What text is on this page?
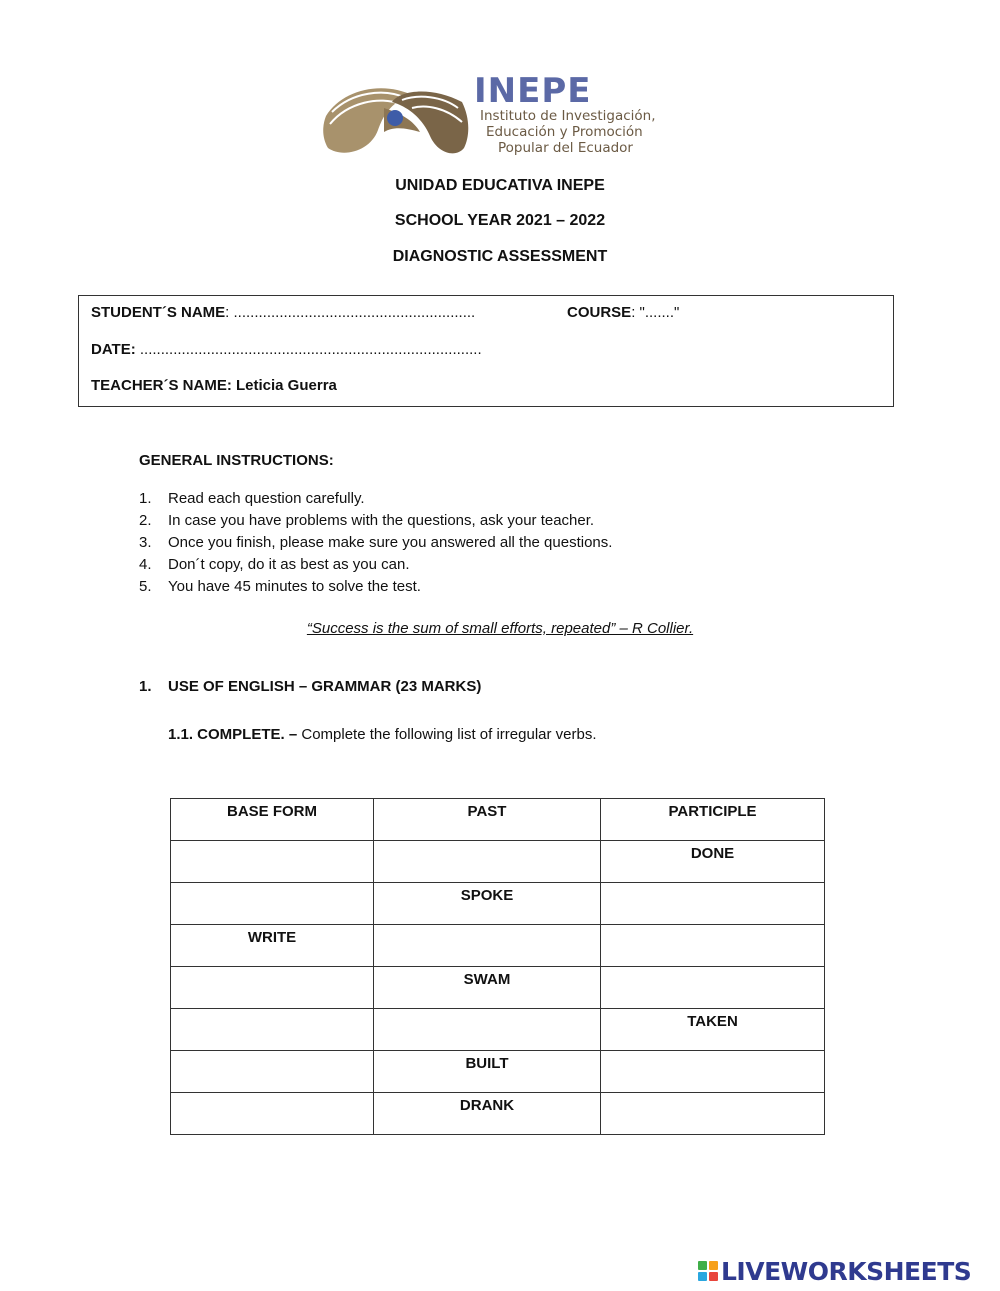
INEPE
Instituto de Investigación,
Educación y Promoción
Popular del Ecuador
UNIDAD EDUCATIVA INEPE
SCHOOL YEAR 2021 – 2022
DIAGNOSTIC ASSESSMENT
STUDENT´S NAME: ..........................................................	COURSE: "......."
DATE: ..................................................................................
TEACHER´S NAME: Leticia Guerra
GENERAL INSTRUCTIONS:
1.	Read each question carefully.
2.	In case you have problems with the questions, ask your teacher.
3.	Once you finish, please make sure you answered all the questions.
4.	Don´t copy, do it as best as you can.
5.	You have 45 minutes to solve the test.
“Success is the sum of small efforts, repeated” – R Collier.
1. USE OF ENGLISH – GRAMMAR (23 MARKS)
1.1. COMPLETE. – Complete the following list of irregular verbs.
BASE FORM	PAST	PARTICIPLE
		DONE
	SPOKE	
WRITE		
	SWAM	
		TAKEN
	BUILT	
	DRANK	
LIVEWORKSHEETS
